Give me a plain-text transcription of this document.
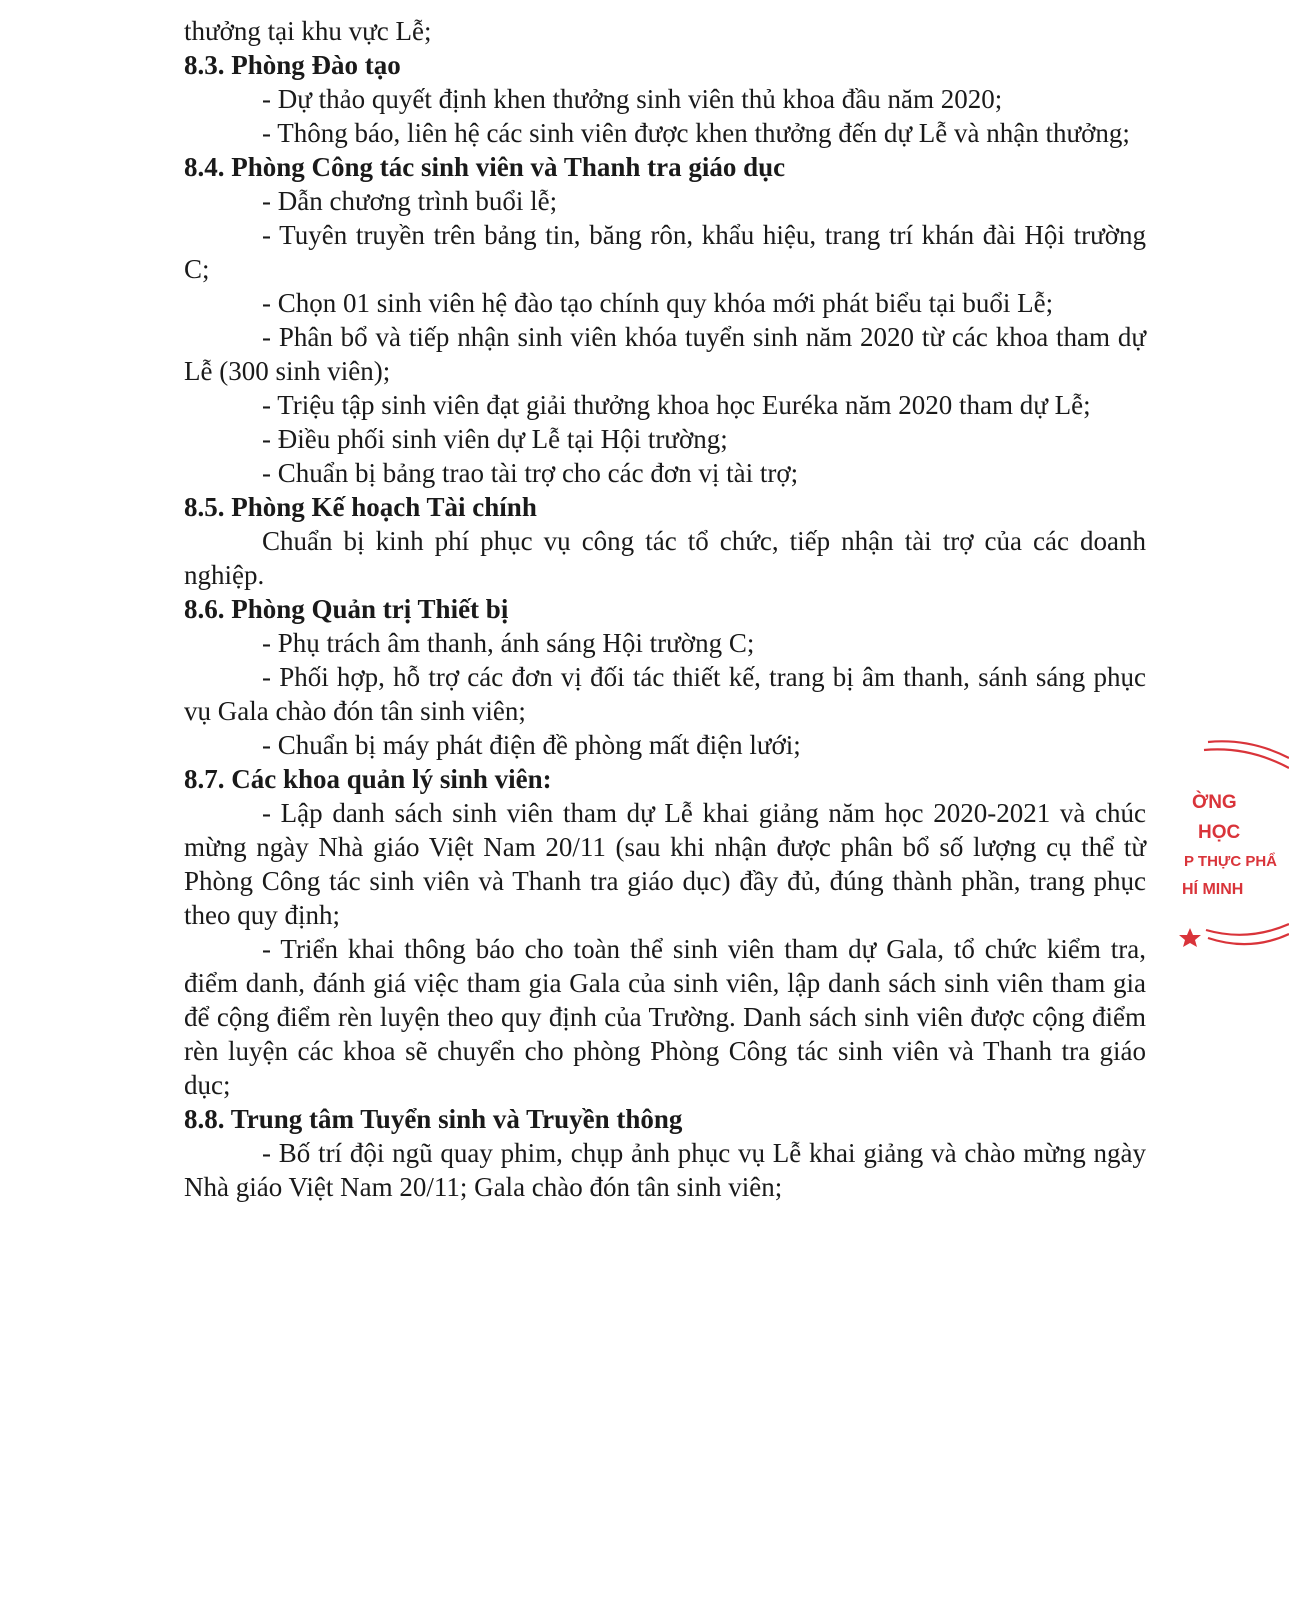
thưởng tại khu vực Lễ;

8.3. Phòng Đào tạo

- Dự thảo quyết định khen thưởng sinh viên thủ khoa đầu năm 2020;

- Thông báo, liên hệ các sinh viên được khen thưởng đến dự Lễ và nhận thưởng;

8.4. Phòng Công tác sinh viên và Thanh tra giáo dục

- Dẫn chương trình buổi lễ;

- Tuyên truyền trên bảng tin, băng rôn, khẩu hiệu, trang trí khán đài Hội trường C;

- Chọn 01 sinh viên hệ đào tạo chính quy khóa mới phát biểu tại buổi Lễ;

- Phân bổ và tiếp nhận sinh viên khóa tuyển sinh năm 2020 từ các khoa tham dự Lễ (300 sinh viên);

- Triệu tập sinh viên đạt giải thưởng khoa học Euréka năm 2020 tham dự Lễ;

- Điều phối sinh viên dự Lễ tại Hội trường;

- Chuẩn bị bảng trao tài trợ cho các đơn vị tài trợ;

8.5. Phòng Kế hoạch Tài chính

Chuẩn bị kinh phí phục vụ công tác tổ chức, tiếp nhận tài trợ của các doanh nghiệp.

8.6. Phòng Quản trị Thiết bị

- Phụ trách âm thanh, ánh sáng Hội trường C;

- Phối hợp, hỗ trợ các đơn vị đối tác thiết kế, trang bị âm thanh, sánh sáng phục vụ Gala chào đón tân sinh viên;

- Chuẩn bị máy phát điện đề phòng mất điện lưới;

8.7. Các khoa quản lý sinh viên:

- Lập danh sách sinh viên tham dự Lễ khai giảng năm học 2020-2021 và chúc mừng ngày Nhà giáo Việt Nam 20/11 (sau khi nhận được phân bổ số lượng cụ thể từ Phòng Công tác sinh viên và Thanh tra giáo dục) đầy đủ, đúng thành phần, trang phục theo quy định;

- Triển khai thông báo cho toàn thể sinh viên tham dự Gala, tổ chức kiểm tra, điểm danh, đánh giá việc tham gia Gala của sinh viên, lập danh sách sinh viên tham gia để cộng điểm rèn luyện theo quy định của Trường. Danh sách sinh viên được cộng điểm rèn luyện các khoa sẽ chuyển cho phòng Phòng Công tác sinh viên và Thanh tra giáo dục;

8.8. Trung tâm Tuyển sinh và Truyền thông

- Bố trí đội ngũ quay phim, chụp ảnh phục vụ Lễ khai giảng và chào mừng ngày Nhà giáo Việt Nam 20/11; Gala chào đón tân sinh viên;

ỜNG
HỌC
P THỰC PHẨ
HÍ MINH
